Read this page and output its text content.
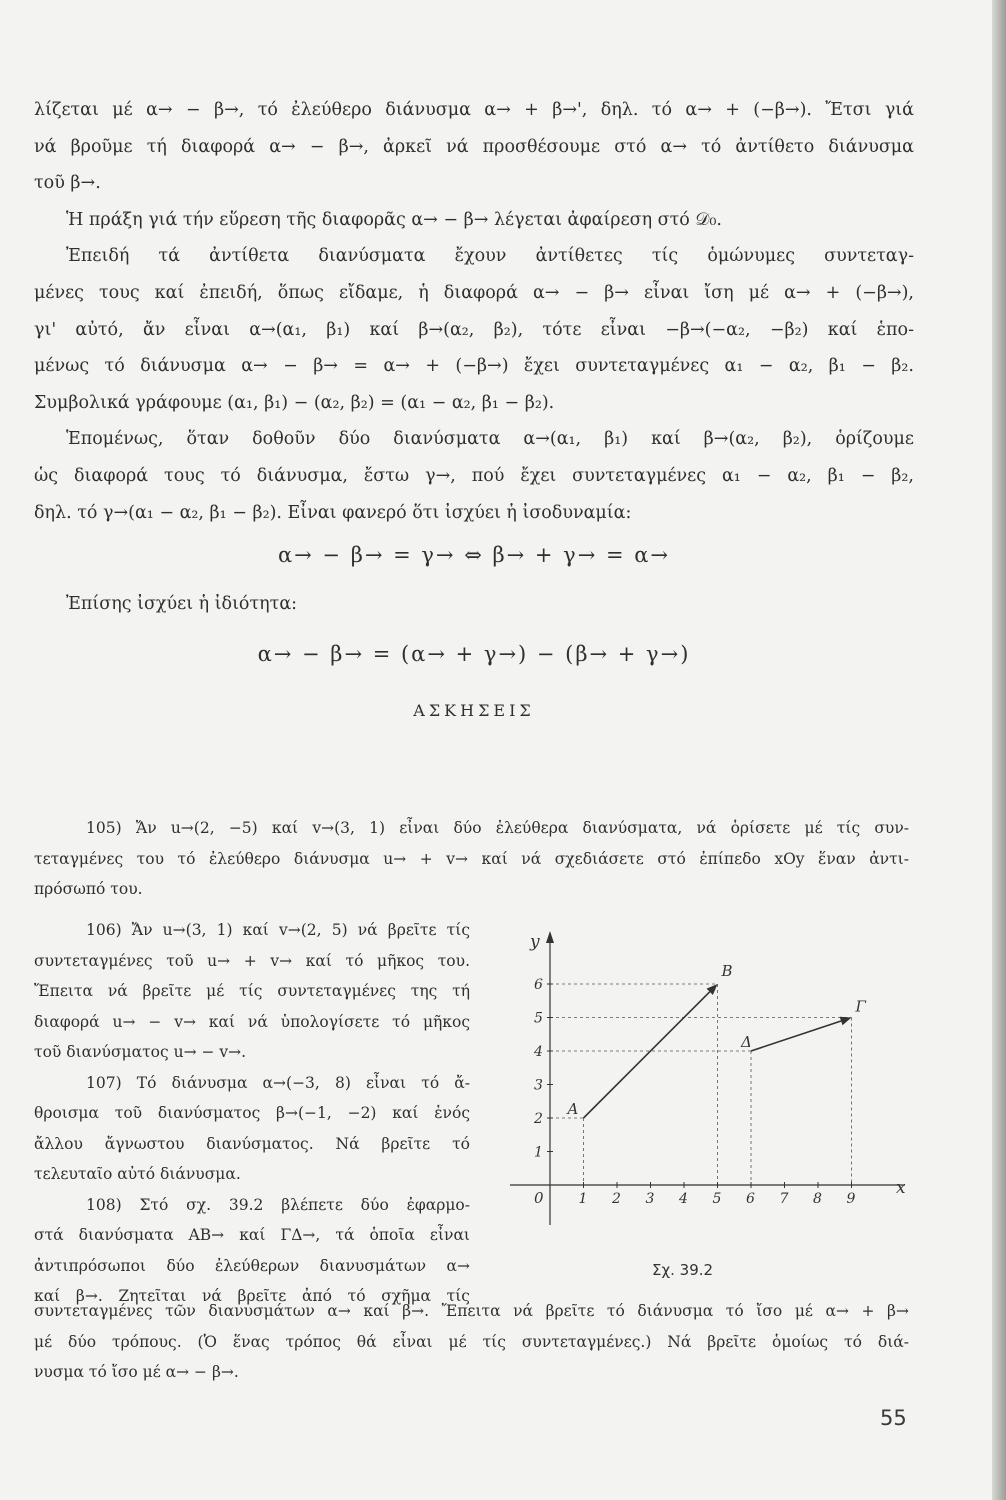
λίζεται μέ α→ − β→, τό ἐλεύθερο διάνυσμα α→ + β→', δηλ. τό α→ + (−β→). Ἔτσι γιά
νά βροῦμε τή διαφορά α→ − β→, ἀρκεῖ νά προσθέσουμε στό α→ τό ἀντίθετο διάνυσμα
τοῦ β→.
Ἡ πράξη γιά τήν εὕρεση τῆς διαφορᾶς α→ − β→ λέγεται ἀφαίρεση στό 𝒟₀.
Ἐπειδή τά ἀντίθετα διανύσματα ἔχουν ἀντίθετες τίς ὁμώνυμες συντεταγ-
μένες τους καί ἐπειδή, ὅπως εἴδαμε, ἡ διαφορά α→ − β→ εἶναι ἴση μέ α→ + (−β→),
γι' αὐτό, ἄν εἶναι α→(α₁, β₁) καί β→(α₂, β₂), τότε εἶναι −β→(−α₂, −β₂) καί ἑπο-
μένως τό διάνυσμα α→ − β→ = α→ + (−β→) ἔχει συντεταγμένες α₁ − α₂, β₁ − β₂.
Συμβολικά γράφουμε (α₁, β₁) − (α₂, β₂) = (α₁ − α₂, β₁ − β₂).
Ἑπομένως, ὅταν δοθοῦν δύο διανύσματα α→(α₁, β₁) καί β→(α₂, β₂), ὁρίζουμε
ὡς διαφορά τους τό διάνυσμα, ἔστω γ→, πού ἔχει συντεταγμένες α₁ − α₂, β₁ − β₂,
δηλ. τό γ→(α₁ − α₂, β₁ − β₂). Εἶναι φανερό ὅτι ἰσχύει ἡ ἰσοδυναμία:
α→ − β→ = γ→ ⇔ β→ + γ→ = α→
Ἐπίσης ἰσχύει ἡ ἰδιότητα:
α→ − β→ = (α→ + γ→) − (β→ + γ→)
ΑΣΚΗΣΕΙΣ
105) Ἄν u→(2, −5) καί v→(3, 1) εἶναι δύο ἐλεύθερα διανύσματα, νά ὁρίσετε μέ τίς συν-
τεταγμένες του τό ἐλεύθερο διάνυσμα u→ + v→ καί νά σχεδιάσετε στό ἐπίπεδο xOy ἕναν ἀντι-
πρόσωπό του.
106) Ἄν u→(3, 1) καί v→(2, 5) νά βρεῖτε τίς
συντεταγμένες τοῦ u→ + v→ καί τό μῆκος του.
Ἔπειτα νά βρεῖτε μέ τίς συντεταγμένες της τή
διαφορά u→ − v→ καί νά ὑπολογίσετε τό μῆκος
τοῦ διανύσματος u→ − v→.
107) Τό διάνυσμα α→(−3, 8) εἶναι τό ἄ-
θροισμα τοῦ διανύσματος β→(−1, −2) καί ἑνός
ἄλλου ἄγνωστου διανύσματος. Νά βρεῖτε τό
τελευταῖο αὐτό διάνυσμα.
108) Στό σχ. 39.2 βλέπετε δύο ἐφαρμο-
στά διανύσματα AB→ καί ΓΔ→, τά ὁποῖα εἶναι
ἀντιπρόσωποι δύο ἐλεύθερων διανυσμάτων α→
καί β→. Ζητεῖται νά βρεῖτε ἀπό τό σχῆμα τίς
συντεταγμένες τῶν διανυσμάτων α→ καί β→. Ἔπειτα νά βρεῖτε τό διάνυσμα τό ἴσο μέ α→ + β→
μέ δύο τρόπους. (Ὁ ἕνας τρόπος θά εἶναι μέ τίς συντεταγμένες.) Νά βρεῖτε ὁμοίως τό διά-
νυσμα τό ἴσο μέ α→ − β→.
1 2 3 4 5 6 7 8 9
1
2
3
4
5
6
y
x
0
A
B
Δ
Γ
Σχ. 39.2
55
